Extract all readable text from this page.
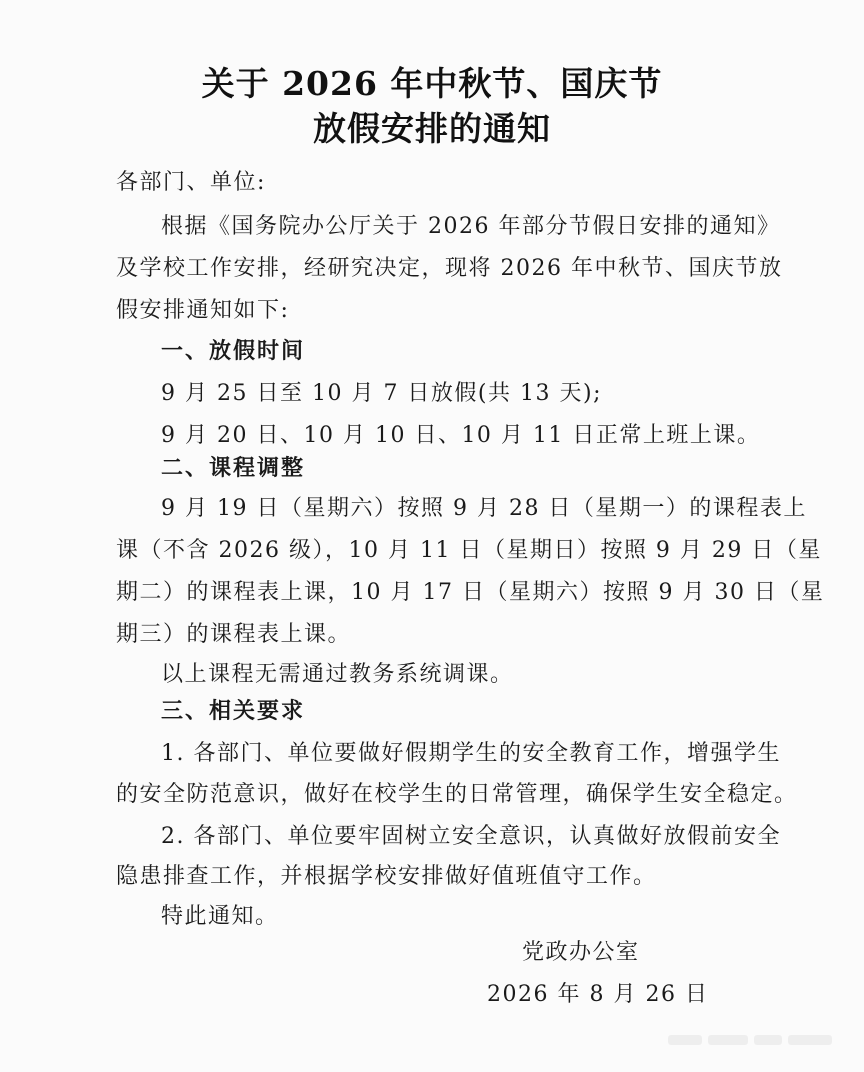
关于 2026 年中秋节、国庆节
放假安排的通知
各部门、单位:
根据《国务院办公厅关于 2026 年部分节假日安排的通知》
及学校工作安排，经研究决定，现将 2026 年中秋节、国庆节放
假安排通知如下:
一、放假时间
9 月 25 日至 10 月 7 日放假(共 13 天);
9 月 20 日、10 月 10 日、10 月 11 日正常上班上课。
二、课程调整
9 月 19 日（星期六）按照 9 月 28 日（星期一）的课程表上
课（不含 2026 级），10 月 11 日（星期日）按照 9 月 29 日（星
期二）的课程表上课，10 月 17 日（星期六）按照 9 月 30 日（星
期三）的课程表上课。
以上课程无需通过教务系统调课。
三、相关要求
1. 各部门、单位要做好假期学生的安全教育工作，增强学生
的安全防范意识，做好在校学生的日常管理，确保学生安全稳定。
2. 各部门、单位要牢固树立安全意识，认真做好放假前安全
隐患排查工作，并根据学校安排做好值班值守工作。
特此通知。
党政办公室
2026 年 8 月 26 日
